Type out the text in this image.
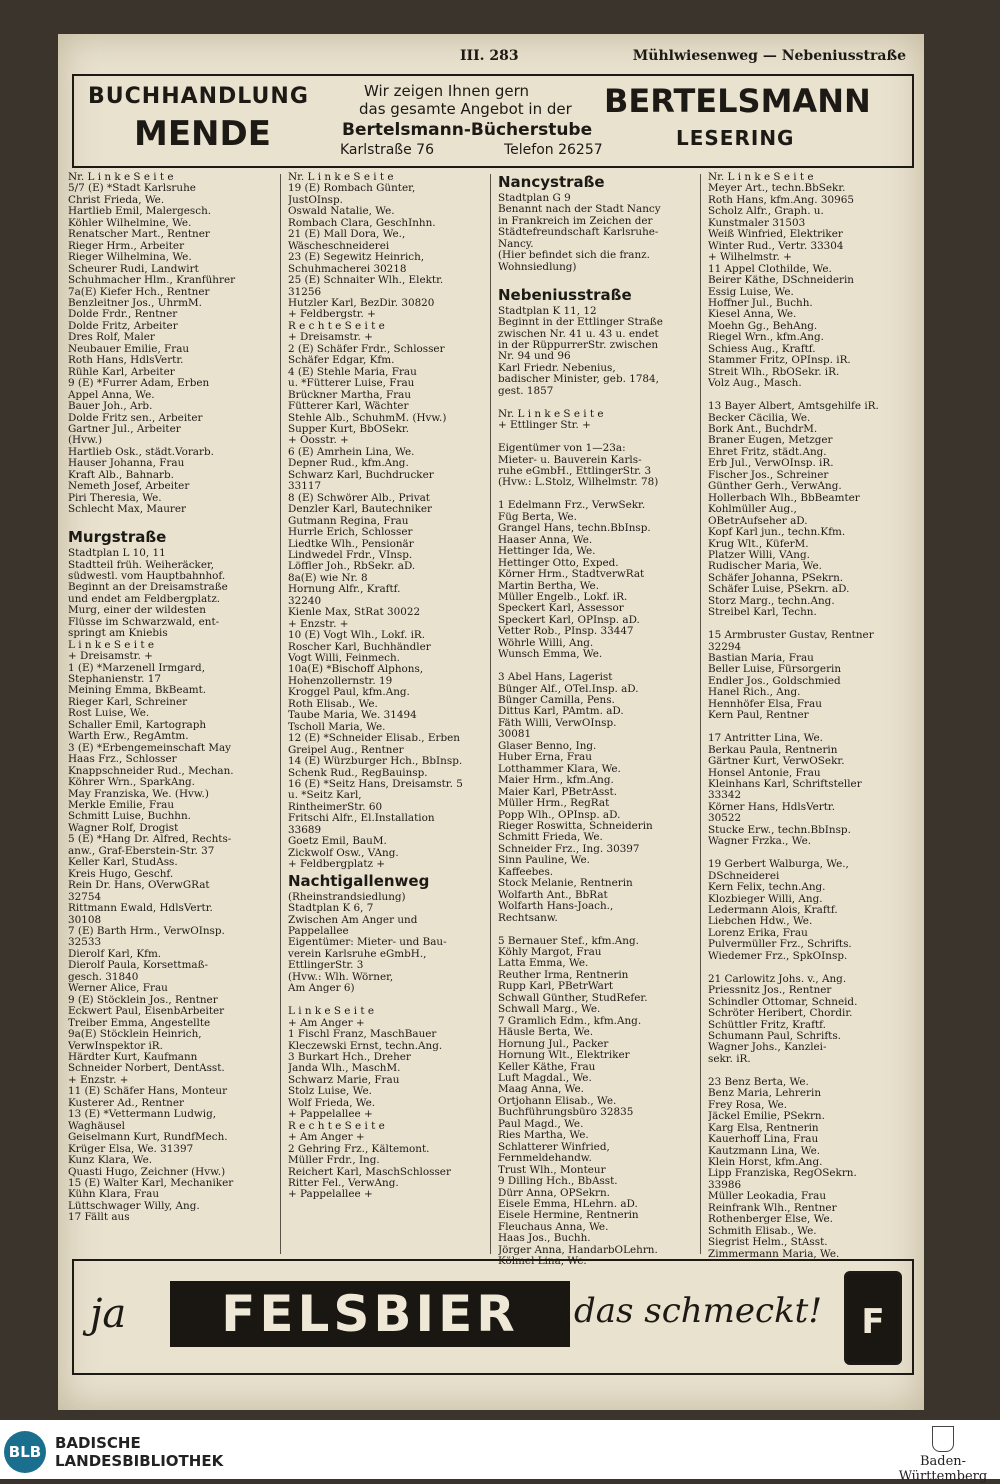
III. 283	Mühlwiesenweg — Nebeniusstraße
BUCHHANDLUNG
MENDE
Wir zeigen Ihnen gern
das gesamte Angebot in der
Bertelsmann-Bücherstube
Karlstraße 76	Telefon 26257
BERTELSMANN
LESERING
Nr. L i n k e S e i t e
5/7 (E) *Stadt Karlsruhe
Christ Frieda, We.
Hartlieb Emil, Malergesch.
Köhler Wilhelmine, We.
Renatscher Mart., Rentner
Rieger Hrm., Arbeiter
Rieger Wilhelmina, We.
Scheurer Rudi, Landwirt
Schuhmacher Hlm., Kranführer
7a(E) Kiefer Hch., Rentner
Benzleitner Jos., UhrmM.
Dolde Frdr., Rentner
Dolde Fritz, Arbeiter
Dres Rolf, Maler
Neubauer Emilie, Frau
Roth Hans, HdlsVertr.
Rühle Karl, Arbeiter
9 (E) *Furrer Adam, Erben
Appel Anna, We.
Bauer Joh., Arb.
Dolde Fritz sen., Arbeiter
Gartner Jul., Arbeiter
(Hvw.)
Hartlieb Osk., städt.Vorarb.
Hauser Johanna, Frau
Kraft Alb., Bahnarb.
Nemeth Josef, Arbeiter
Piri Theresia, We.
Schlecht Max, Maurer

Murgstraße
Stadtplan L 10, 11
Stadtteil früh. Weiheräcker,
südwestl. vom Hauptbahnhof.
Beginnt an der Dreisamstraße
und endet am Feldbergplatz.
Murg, einer der wildesten
Flüsse im Schwarzwald, ent-
springt am Kniebis
L i n k e S e i t e
+ Dreisamstr. +
1 (E) *Marzenell Irmgard,
Stephanienstr. 17
Meining Emma, BkBeamt.
Rieger Karl, Schreiner
Rost Luise, We.
Schaller Emil, Kartograph
Warth Erw., RegAmtm.
3 (E) *Erbengemeinschaft May
Haas Frz., Schlosser
Knappschneider Rud., Mechan.
Köhrer Wrn., SparkAng.
May Franziska, We. (Hvw.)
Merkle Emilie, Frau
Schmitt Luise, Buchhn.
Wagner Rolf, Drogist
5 (E) *Hang Dr. Alfred, Rechts-
anw., Graf-Eberstein-Str. 37
Keller Karl, StudAss.
Kreis Hugo, Geschf.
Rein Dr. Hans, OVerwGRat
32754
Rittmann Ewald, HdlsVertr.
30108
7 (E) Barth Hrm., VerwOInsp.
32533
Dierolf Karl, Kfm.
Dierolf Paula, Korsettmaß-
gesch. 31840
Werner Alice, Frau
9 (E) Stöcklein Jos., Rentner
Eckwert Paul, EisenbArbeiter
Treiber Emma, Angestellte
9a(E) Stöcklein Heinrich,
VerwInspektor iR.
Härdter Kurt, Kaufmann
Schneider Norbert, DentAsst.
+ Enzstr. +
11 (E) Schäfer Hans, Monteur
Kusterer Ad., Rentner
13 (E) *Vettermann Ludwig,
Waghäusel
Geiselmann Kurt, RundfMech.
Krüger Elsa, We. 31397
Kunz Klara, We.
Quasti Hugo, Zeichner (Hvw.)
15 (E) Walter Karl, Mechaniker
Kühn Klara, Frau
Lüttschwager Willy, Ang.
17 Fällt aus
Nr. L i n k e S e i t e
19 (E) Rombach Günter,
JustOInsp.
Oswald Natalie, We.
Rombach Clara, GeschInhn.
21 (E) Mall Dora, We.,
Wäscheschneiderei
23 (E) Segewitz Heinrich,
Schuhmacherei 30218
25 (E) Schnaiter Wlh., Elektr.
31256
Hutzler Karl, BezDir. 30820
+ Feldbergstr. +
R e c h t e S e i t e
+ Dreisamstr. +
2 (E) Schäfer Frdr., Schlosser
Schäfer Edgar, Kfm.
4 (E) Stehle Maria, Frau
u. *Fütterer Luise, Frau
Brückner Martha, Frau
Fütterer Karl, Wächter
Stehle Alb., SchuhmM. (Hvw.)
Supper Kurt, BbOSekr.
+ Oosstr. +
6 (E) Amrhein Lina, We.
Depner Rud., kfm.Ang.
Schwarz Karl, Buchdrucker
33117
8 (E) Schwörer Alb., Privat
Denzler Karl, Bautechniker
Gutmann Regina, Frau
Hurrle Erich, Schlosser
Liedtke Wlh., Pensionär
Lindwedel Frdr., VInsp.
Löffler Joh., RbSekr. aD.
8a(E) wie Nr. 8
Hornung Alfr., Kraftf.
32240
Kienle Max, StRat 30022
+ Enzstr. +
10 (E) Vogt Wlh., Lokf. iR.
Roscher Karl, Buchhändler
Vogt Willi, Feinmech.
10a(E) *Bischoff Alphons,
Hohenzollernstr. 19
Kroggel Paul, kfm.Ang.
Roth Elisab., We.
Taube Maria, We. 31494
Tscholl Maria, We.
12 (E) *Schneider Elisab., Erben
Greipel Aug., Rentner
14 (E) Würzburger Hch., BbInsp.
Schenk Rud., RegBauinsp.
16 (E) *Seitz Hans, Dreisamstr. 5
u. *Seitz Karl,
RintheimerStr. 60
Fritschi Alfr., El.Installation
33689
Goetz Emil, BauM.
Zickwolf Osw., VAng.
+ Feldbergplatz +
Nachtigallenweg
(Rheinstrandsiedlung)
Stadtplan K 6, 7
Zwischen Am Anger und
Pappelallee
Eigentümer: Mieter- und Bau-
verein Karlsruhe eGmbH.,
EttlingerStr. 3
(Hvw.: Wlh. Wörner,
Am Anger 6)

L i n k e S e i t e
+ Am Anger +
1 Fischl Franz, MaschBauer
Kleczewski Ernst, techn.Ang.
3 Burkart Hch., Dreher
Janda Wlh., MaschM.
Schwarz Marie, Frau
Stolz Luise, We.
Wolf Frieda, We.
+ Pappelallee +
R e c h t e S e i t e
+ Am Anger +
2 Gehring Frz., Kältemont.
Müller Frdr., Ing.
Reichert Karl, MaschSchlosser
Ritter Fel., VerwAng.
+ Pappelallee +
Nancystraße
Stadtplan G 9
Benannt nach der Stadt Nancy
in Frankreich im Zeichen der
Städtefreundschaft Karlsruhe-
Nancy.
(Hier befindet sich die franz.
Wohnsiedlung)

Nebeniusstraße
Stadtplan K 11, 12
Beginnt in der Ettlinger Straße
zwischen Nr. 41 u. 43 u. endet
in der RüppurrerStr. zwischen
Nr. 94 und 96
Karl Friedr. Nebenius,
badischer Minister, geb. 1784,
gest. 1857

Nr. L i n k e S e i t e
+ Ettlinger Str. +

Eigentümer von 1—23a:
Mieter- u. Bauverein Karls-
ruhe eGmbH., EttlingerStr. 3
(Hvw.: L.Stolz, Wilhelmstr. 78)

1 Edelmann Frz., VerwSekr.
Füg Berta, We.
Grangel Hans, techn.BbInsp.
Haaser Anna, We.
Hettinger Ida, We.
Hettinger Otto, Exped.
Körner Hrm., StadtverwRat
Martin Bertha, We.
Müller Engelb., Lokf. iR.
Speckert Karl, Assessor
Speckert Karl, OPInsp. aD.
Vetter Rob., PInsp. 33447
Wöhrle Willi, Ang.
Wunsch Emma, We.

3 Abel Hans, Lagerist
Bünger Alf., OTel.Insp. aD.
Bünger Camilla, Pens.
Dittus Karl, PAmtm. aD.
Fäth Willi, VerwOInsp.
30081
Glaser Benno, Ing.
Huber Erna, Frau
Lotthammer Klara, We.
Maier Hrm., kfm.Ang.
Maier Karl, PBetrAsst.
Müller Hrm., RegRat
Popp Wlh., OPInsp. aD.
Rieger Roswitta, Schneiderin
Schmitt Frieda, We.
Schneider Frz., Ing. 30397
Sinn Pauline, We.
Kaffeebes.
Stock Melanie, Rentnerin
Wolfarth Ant., BbRat
Wolfarth Hans-Joach.,
Rechtsanw.

5 Bernauer Stef., kfm.Ang.
Köhly Margot, Frau
Latta Emma, We.
Reuther Irma, Rentnerin
Rupp Karl, PBetrWart
Schwall Günther, StudRefer.
Schwall Marg., We.
7 Gramlich Edm., kfm.Ang.
Häusle Berta, We.
Hornung Jul., Packer
Hornung Wlt., Elektriker
Keller Käthe, Frau
Luft Magdal., We.
Maag Anna, We.
Ortjohann Elisab., We.
Buchführungsbüro 32835
Paul Magd., We.
Ries Martha, We.
Schlatterer Winfried,
Fernmeldehandw.
Trust Wlh., Monteur
9 Dilling Hch., BbAsst.
Dürr Anna, OPSekrn.
Eisele Emma, HLehrn. aD.
Eisele Hermine, Rentnerin
Fleuchaus Anna, We.
Haas Jos., Buchh.
Jörger Anna, HandarbOLehrn.
Kölmel Lina, We.
Nr. L i n k e S e i t e
Meyer Art., techn.BbSekr.
Roth Hans, kfm.Ang. 30965
Scholz Alfr., Graph. u.
Kunstmaler 31503
Weiß Winfried, Elektriker
Winter Rud., Vertr. 33304
+ Wilhelmstr. +
11 Appel Clothilde, We.
Beirer Käthe, DSchneiderin
Essig Luise, We.
Hoffner Jul., Buchh.
Kiesel Anna, We.
Moehn Gg., BehAng.
Riegel Wrn., kfm.Ang.
Schiess Aug., Kraftf.
Stammer Fritz, OPInsp. iR.
Streit Wlh., RbOSekr. iR.
Volz Aug., Masch.

13 Bayer Albert, Amtsgehilfe iR.
Becker Cäcilia, We.
Bork Ant., BuchdrM.
Braner Eugen, Metzger
Ehret Fritz, städt.Ang.
Erb Jul., VerwOInsp. iR.
Fischer Jos., Schreiner
Günther Gerh., VerwAng.
Hollerbach Wlh., BbBeamter
Kohlmüller Aug.,
OBetrAufseher aD.
Kopf Karl jun., techn.Kfm.
Krug Wlt., KüferM.
Platzer Willi, VAng.
Rudischer Maria, We.
Schäfer Johanna, PSekrn.
Schäfer Luise, PSekrn. aD.
Storz Marg., techn.Ang.
Streibel Karl, Techn.

15 Armbruster Gustav, Rentner
32294
Bastian Maria, Frau
Beller Luise, Fürsorgerin
Endler Jos., Goldschmied
Hanel Rich., Ang.
Hennhöfer Elsa, Frau
Kern Paul, Rentner

17 Antritter Lina, We.
Berkau Paula, Rentnerin
Gärtner Kurt, VerwOSekr.
Honsel Antonie, Frau
Kleinhans Karl, Schriftsteller
33342
Körner Hans, HdlsVertr.
30522
Stucke Erw., techn.BbInsp.
Wagner Frzka., We.

19 Gerbert Walburga, We.,
DSchneiderei
Kern Felix, techn.Ang.
Klozbieger Willi, Ang.
Ledermann Alois, Kraftf.
Liebchen Hdw., We.
Lorenz Erika, Frau
Pulvermüller Frz., Schrifts.
Wiedemer Frz., SpkOInsp.

21 Carlowitz Johs. v., Ang.
Priessnitz Jos., Rentner
Schindler Ottomar, Schneid.
Schröter Heribert, Chordir.
Schüttler Fritz, Kraftf.
Schumann Paul, Schrifts.
Wagner Johs., Kanzlei-
sekr. iR.

23 Benz Berta, We.
Benz Maria, Lehrerin
Frey Rosa, We.
Jäckel Emilie, PSekrn.
Karg Elsa, Rentnerin
Kauerhoff Lina, Frau
Kautzmann Lina, We.
Klein Horst, kfm.Ang.
Lipp Franziska, RegOSekrn.
33986
Müller Leokadia, Frau
Reinfrank Wlh., Rentner
Rothenberger Else, We.
Schmith Elisab., We.
Siegrist Helm., StAsst.
Zimmermann Maria, We.
ja	FELSBIER	das schmeckt!	F
BLB BADISCHE
LANDESBIBLIOTHEK	Baden-Württemberg
